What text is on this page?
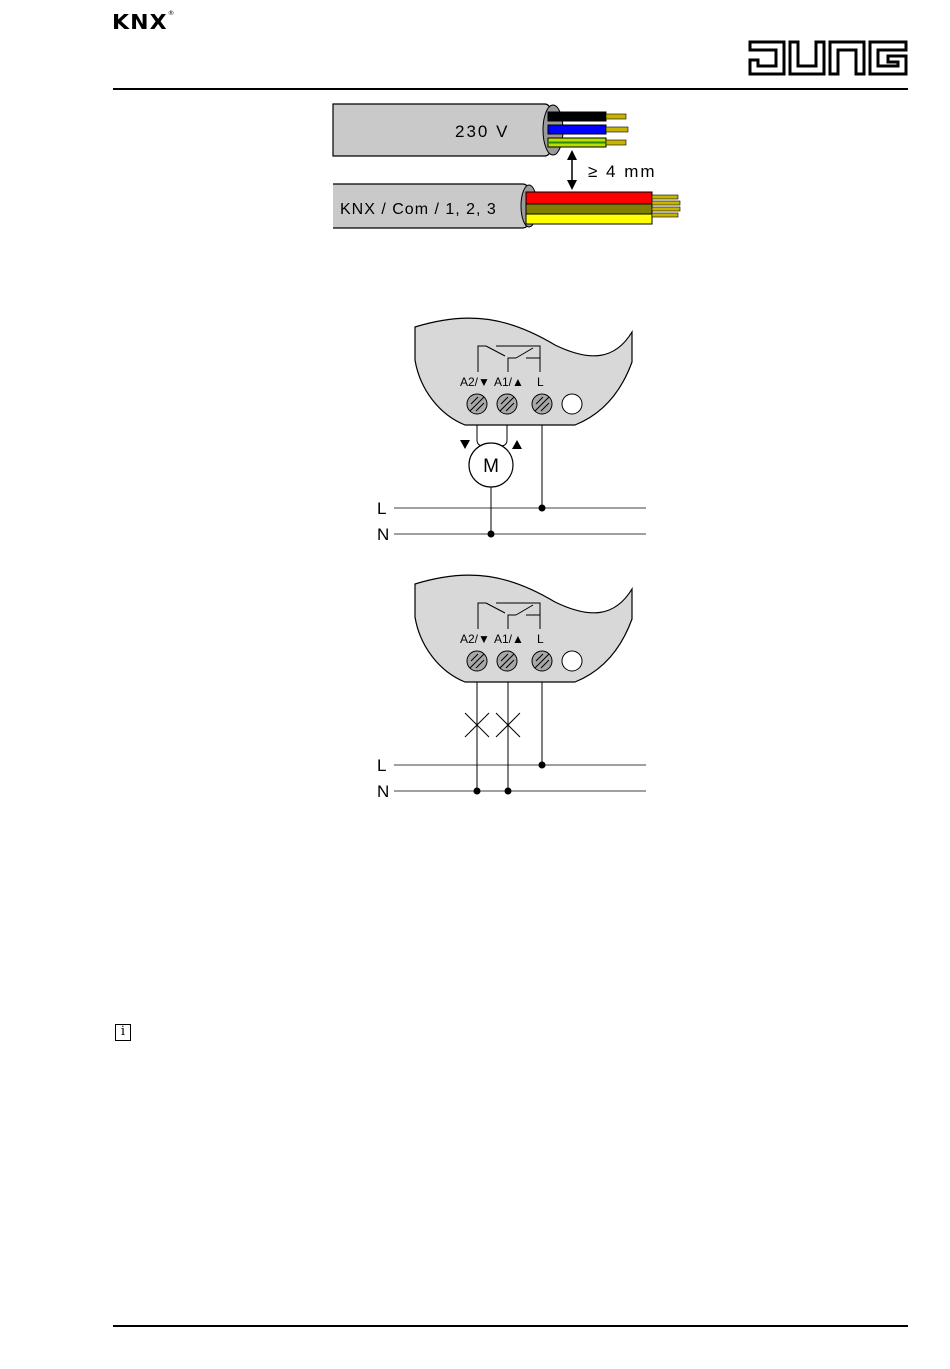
KNX®
230 V
≥ 4 mm
KNX / Com / 1, 2, 3
A2/▼ A1/▲ L
M
L
N
A2/▼ A1/▲ L
L
N
i
